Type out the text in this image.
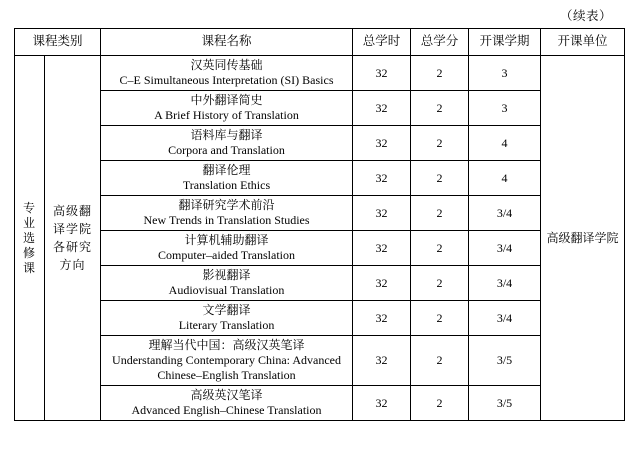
（续表）
课程类别		课程名称	总学时	总学分	开课学期	开课单位

专业选修课	高级翻译学院各研究方向	汉英同传基础
C–E Simultaneous Interpretation (SI) Basics	32	2	3	高级翻译学院

		中外翻译简史
A Brief History of Translation	32	2	3	

		语料库与翻译
Corpora and Translation	32	2	4	

		翻译伦理
Translation Ethics	32	2	4	

		翻译研究学术前沿
New Trends in Translation Studies	32	2	3/4	

		计算机辅助翻译
Computer–aided Translation	32	2	3/4	

		影视翻译
Audiovisual Translation	32	2	3/4	

		文学翻译
Literary Translation	32	2	3/4	

		理解当代中国：高级汉英笔译
Understanding Contemporary China: Advanced Chinese–English Translation	32	2	3/5	

		高级英汉笔译
Advanced English–Chinese Translation	32	2	3/5	
